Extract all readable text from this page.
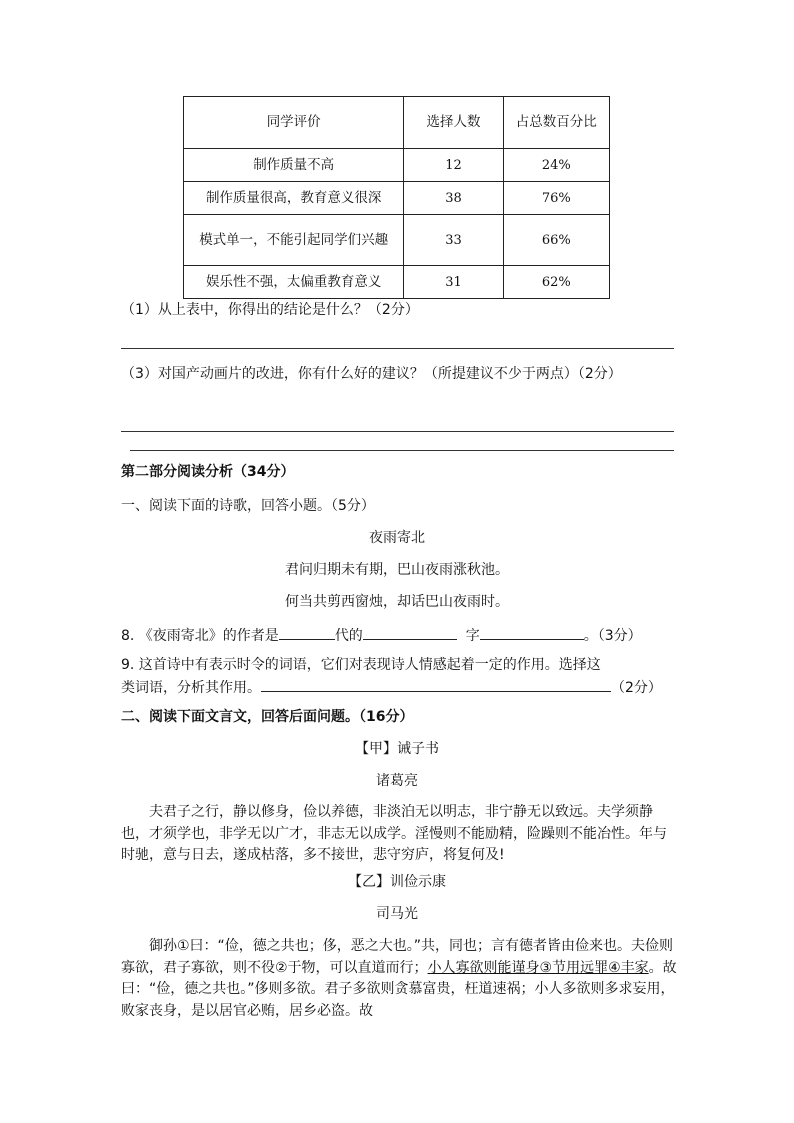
同学评价	选择人数	占总数百分比
制作质量不高	12	24%
制作质量很高，教育意义很深	38	76%
模式单一，不能引起同学们兴趣	33	66%
娱乐性不强，太偏重教育意义	31	62%
（1）从上表中，你得出的结论是什么？（2分）
（3）对国产动画片的改进，你有什么好的建议？（所提建议不少于两点）（2分）
第二部分阅读分析（34分）
一、阅读下面的诗歌，回答小题。（5分）
夜雨寄北
君问归期未有期，巴山夜雨涨秋池。
何当共剪西窗烛，却话巴山夜雨时。
8. 《夜雨寄北》的作者是	代的	字	。（3分）
9. 这首诗中有表示时令的词语，它们对表现诗人情感起着一定的作用。选择这
类词语，分析其作用。	（2分）
二、阅读下面文言文，回答后面问题。（16分）
【甲】诫子书
诸葛亮
夫君子之行，静以修身，俭以养德，非淡泊无以明志，非宁静无以致远。夫学须静也，才须学也，非学无以广才，非志无以成学。淫慢则不能励精，险躁则不能冶性。年与时驰，意与日去，遂成枯落，多不接世，悲守穷庐，将复何及!
【乙】训俭示康
司马光
御孙①曰：“俭，德之共也；侈，恶之大也。”共，同也；言有德者皆由俭来也。夫俭则寡欲，君子寡欲，则不役②于物，可以直道而行；小人寡欲则能谨身③节用远罪④丰家。故曰：“俭，德之共也。”侈则多欲。君子多欲则贪慕富贵，枉道速祸；小人多欲则多求妄用，败家丧身，是以居官必贿，居乡必盗。故
